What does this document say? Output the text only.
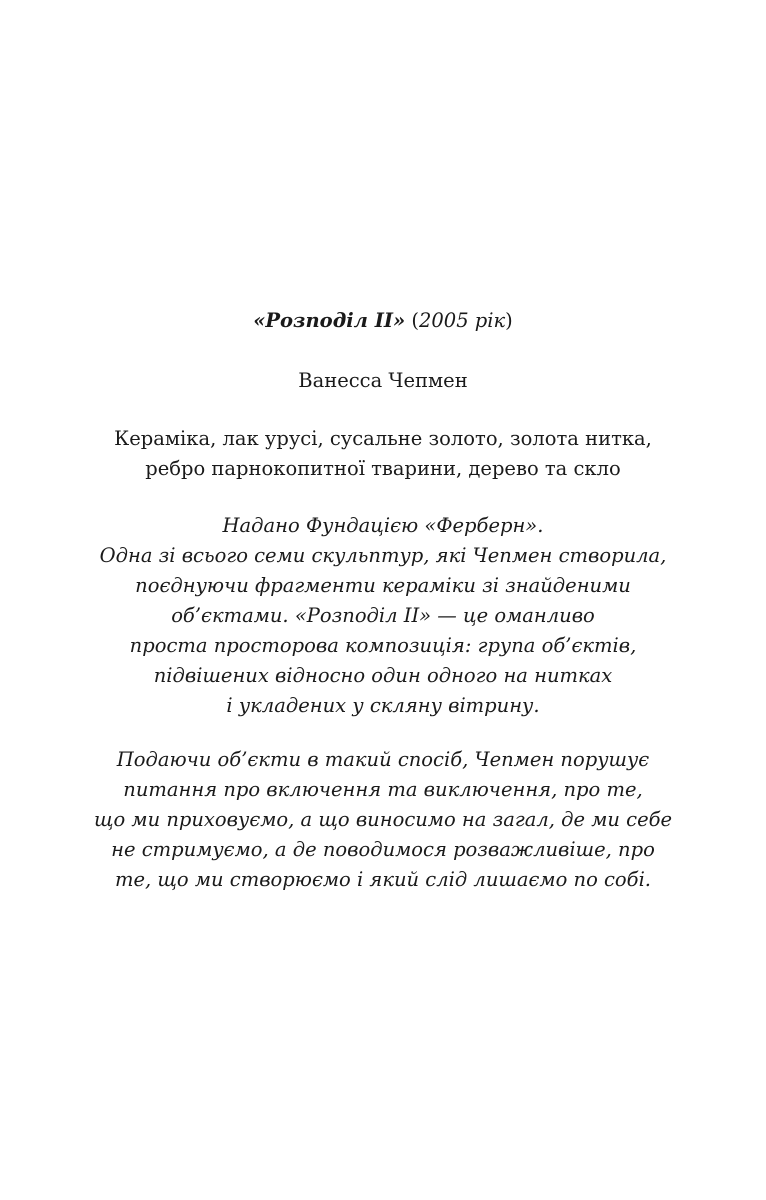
«Розподіл II» (2005 рік)
Ванесса Чепмен
Кераміка, лак урусі, сусальне золото, золота нитка,
ребро парнокопитної тварини, дерево та скло
Надано Фундацією «Ферберн».
Одна зі всього семи скульптур, які Чепмен створила,
поєднуючи фрагменти кераміки зі знайденими
об’єктами. «Розподіл II» — це оманливо
проста просторова композиція: група об’єктів,
підвішених відносно один одного на нитках
і укладених у скляну вітрину.
Подаючи об’єкти в такий спосіб, Чепмен порушує
питання про включення та виключення, про те,
що ми приховуємо, а що виносимо на загал, де ми себе
не стримуємо, а де поводимося розважливіше, про
те, що ми створюємо і який слід лишаємо по собі.
